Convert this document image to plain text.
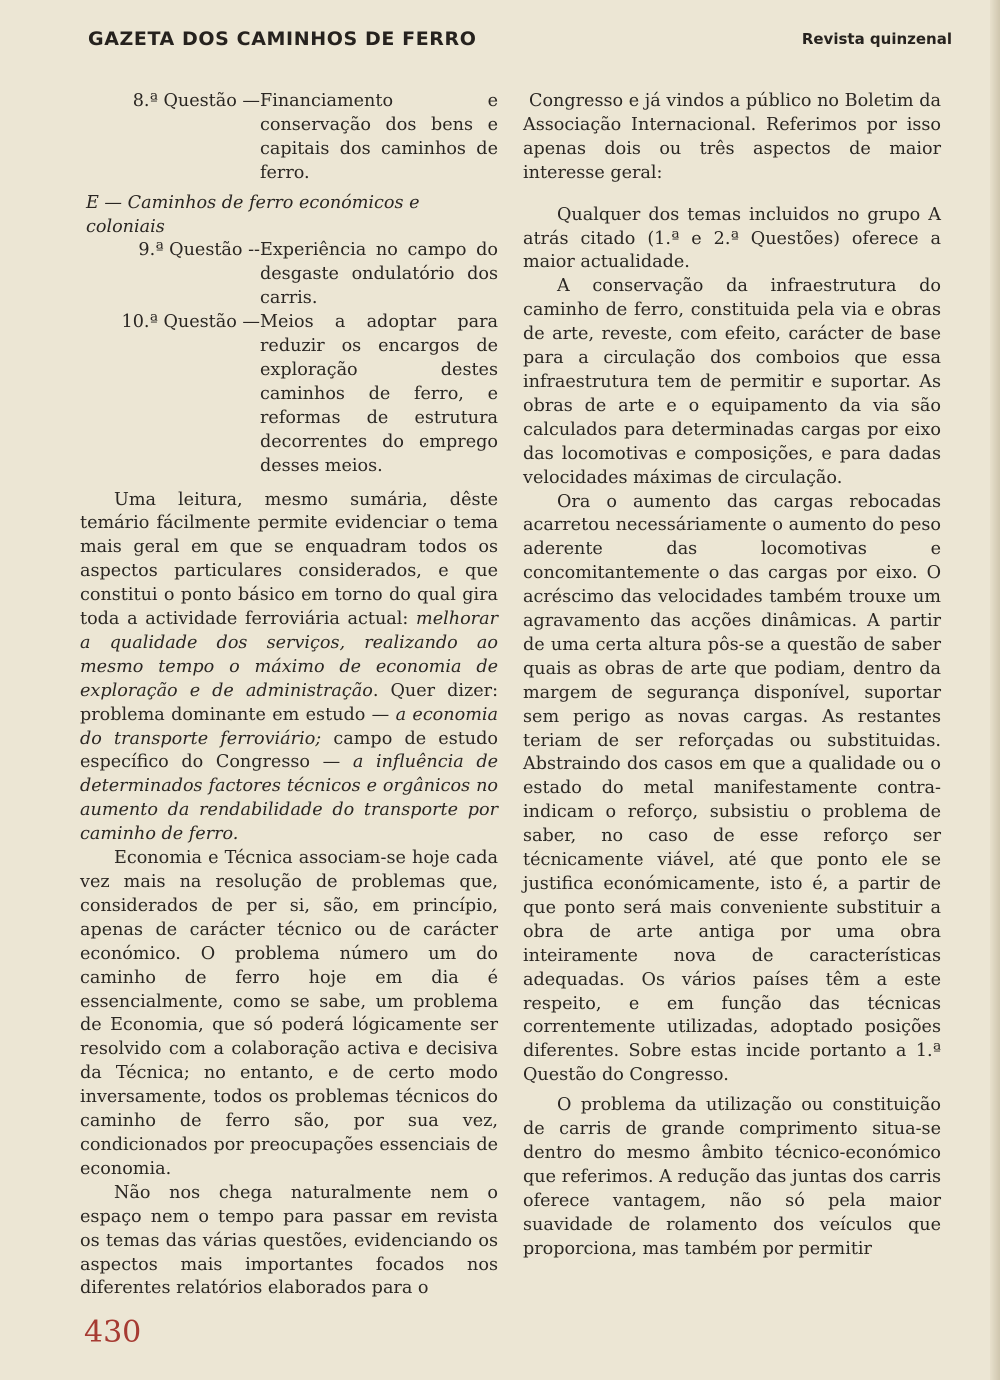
GAZETA DOS CAMINHOS DE FERRO	Revista quinzenal
8.ª Questão — Financiamento e conservação dos bens e capitais dos caminhos de ferro.
E — Caminhos de ferro económicos e coloniais
9.ª Questão -- Experiência no campo do desgaste ondulatório dos carris.
10.ª Questão — Meios a adoptar para reduzir os encargos de exploração destes caminhos de ferro, e reformas de estrutura decorrentes do emprego desses meios.

Uma leitura, mesmo sumária, dêste temário fácilmente permite evidenciar o tema mais geral em que se enquadram todos os aspectos particulares considerados, e que constitui o ponto básico em torno do qual gira toda a actividade ferroviária actual: melhorar a qualidade dos serviços, realizando ao mesmo tempo o máximo de economia de exploração e de administração. Quer dizer: problema dominante em estudo — a economia do transporte ferroviário; campo de estudo específico do Congresso — a influência de determinados factores técnicos e orgânicos no aumento da rendabilidade do transporte por caminho de ferro.

Economia e Técnica associam-se hoje cada vez mais na resolução de problemas que, considerados de per si, são, em princípio, apenas de carácter técnico ou de carácter económico. O problema número um do caminho de ferro hoje em dia é essencialmente, como se sabe, um problema de Economia, que só poderá lógicamente ser resolvido com a colaboração activa e decisiva da Técnica; no entanto, e de certo modo inversamente, todos os problemas técnicos do caminho de ferro são, por sua vez, condicionados por preocupações essenciais de economia.

Não nos chega naturalmente nem o espaço nem o tempo para passar em revista os temas das várias questões, evidenciando os aspectos mais importantes focados nos diferentes relatórios elaborados para o

Congresso e já vindos a público no Boletim da Associação Internacional. Referimos por isso apenas dois ou três aspectos de maior interesse geral:

Qualquer dos temas incluidos no grupo A atrás citado (1.ª e 2.ª Questões) oferece a maior actualidade.

A conservação da infraestrutura do caminho de ferro, constituida pela via e obras de arte, reveste, com efeito, carácter de base para a circulação dos comboios que essa infraestrutura tem de permitir e suportar. As obras de arte e o equipamento da via são calculados para determinadas cargas por eixo das locomotivas e composições, e para dadas velocidades máximas de circulação.

Ora o aumento das cargas rebocadas acarretou necessáriamente o aumento do peso aderente das locomotivas e concomitantemente o das cargas por eixo. O acréscimo das velocidades também trouxe um agravamento das acções dinâmicas. A partir de uma certa altura pôs-se a questão de saber quais as obras de arte que podiam, dentro da margem de segurança disponível, suportar sem perigo as novas cargas. As restantes teriam de ser reforçadas ou substituidas. Abstraindo dos casos em que a qualidade ou o estado do metal manifestamente contra-indicam o reforço, subsistiu o problema de saber, no caso de esse reforço ser técnicamente viável, até que ponto ele se justifica económicamente, isto é, a partir de que ponto será mais conveniente substituir a obra de arte antiga por uma obra inteiramente nova de características adequadas. Os vários países têm a este respeito, e em função das técnicas correntemente utilizadas, adoptado posições diferentes. Sobre estas incide portanto a 1.ª Questão do Congresso.

O problema da utilização ou constituição de carris de grande comprimento situa-se dentro do mesmo âmbito técnico-económico que referimos. A redução das juntas dos carris oferece vantagem, não só pela maior suavidade de rolamento dos veículos que proporciona, mas também por permitir

430
